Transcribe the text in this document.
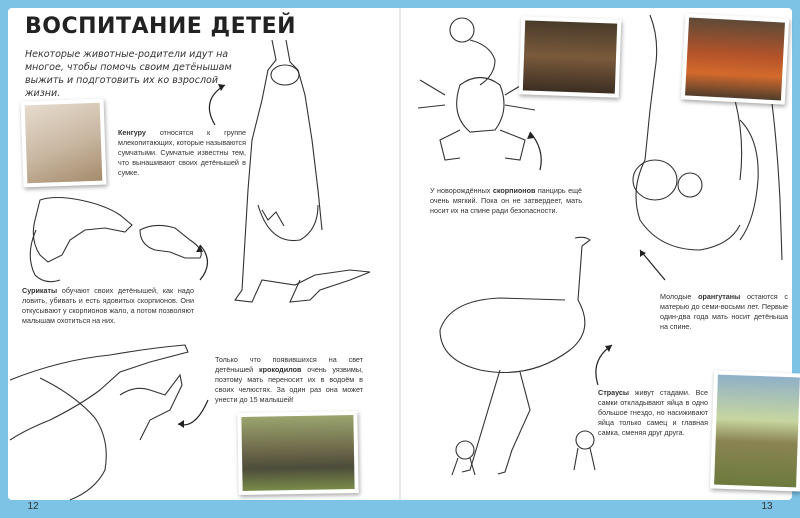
ВОСПИТАНИЕ ДЕТЕЙ
Некоторые животные-родители идут на многое, чтобы помочь своим детёнышам выжить и подготовить их ко взрослой жизни.
Кенгуру относятся к группе млекопитающих, которые называются сумчатыми. Сумчатые известны тем, что вынашивают своих детёнышей в сумке.
Сурикаты обучают своих детёнышей, как надо ловить, убивать и есть ядовитых скорпионов. Они откусывают у скорпионов жало, а потом позволяют малышам охотиться на них.
Только что появившихся на свет детёнышей крокодилов очень уязвимы, поэтому мать переносит их в водоём в своих челюстях. За один раз она может унести до 15 малышей!
У новорождённых скорпионов панцирь ещё очень мягкий. Пока он не затвердеет, мать носит их на спине ради безопасности.
Молодые орангутаны остаются с матерью до семи-восьми лет. Первые один-два года мать носит детёныша на спине.
Страусы живут стадами. Все самки откладывают яйца в одно большое гнездо, но насиживают яйца только самец и главная самка, сменяя друг друга.
12	13
